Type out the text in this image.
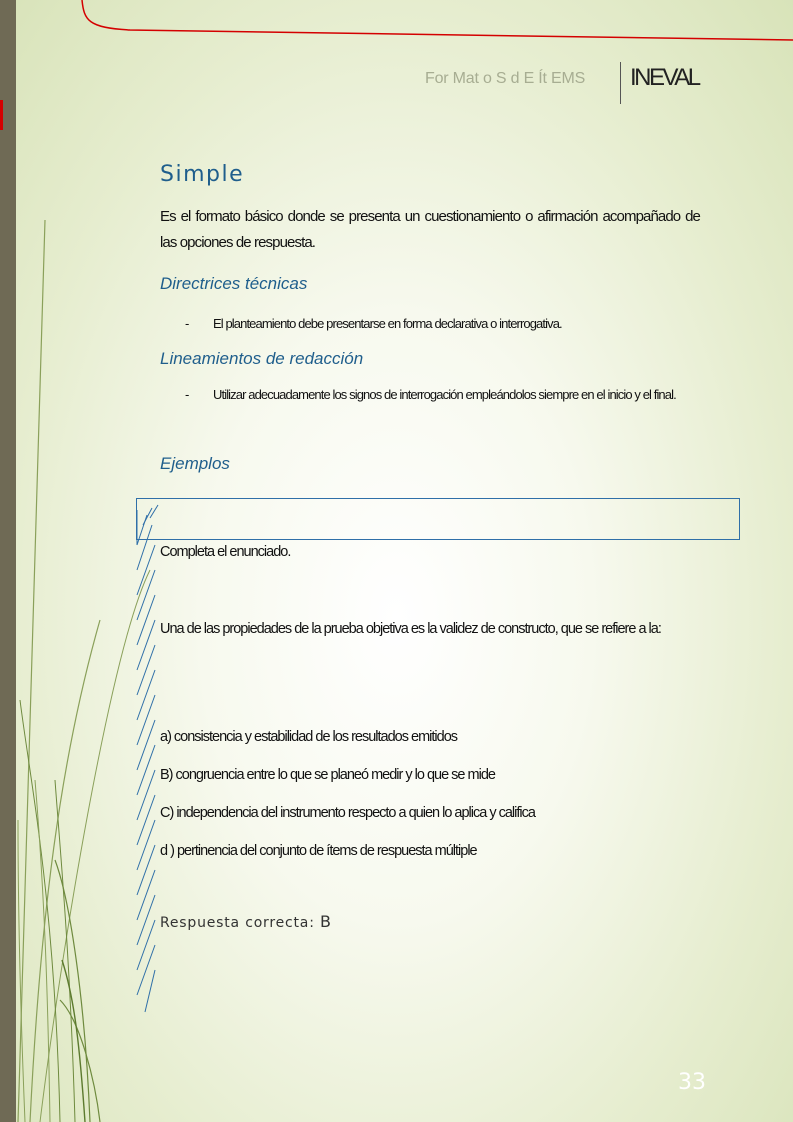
For Mat o S d E Ít EMS INEVAL
Simple
Es el formato básico donde se presenta un cuestionamiento o afirmación acompañado de las opciones de respuesta.
Directrices técnicas
- El planteamiento debe presentarse en forma declarativa o interrogativa.
Lineamientos de redacción
- Utilizar adecuadamente los signos de interrogación empleándolos siempre en el inicio y el final.
Ejemplos
Completa el enunciado.
Una de las propiedades de la prueba objetiva es la validez de constructo, que se refiere a la:
a) consistencia y estabilidad de los resultados emitidos
B) congruencia entre lo que se planeó medir y lo que se mide
C) independencia del instrumento respecto a quien lo aplica y califica
d ) pertinencia del conjunto de ítems de respuesta múltiple
Respuesta correcta: B
33
